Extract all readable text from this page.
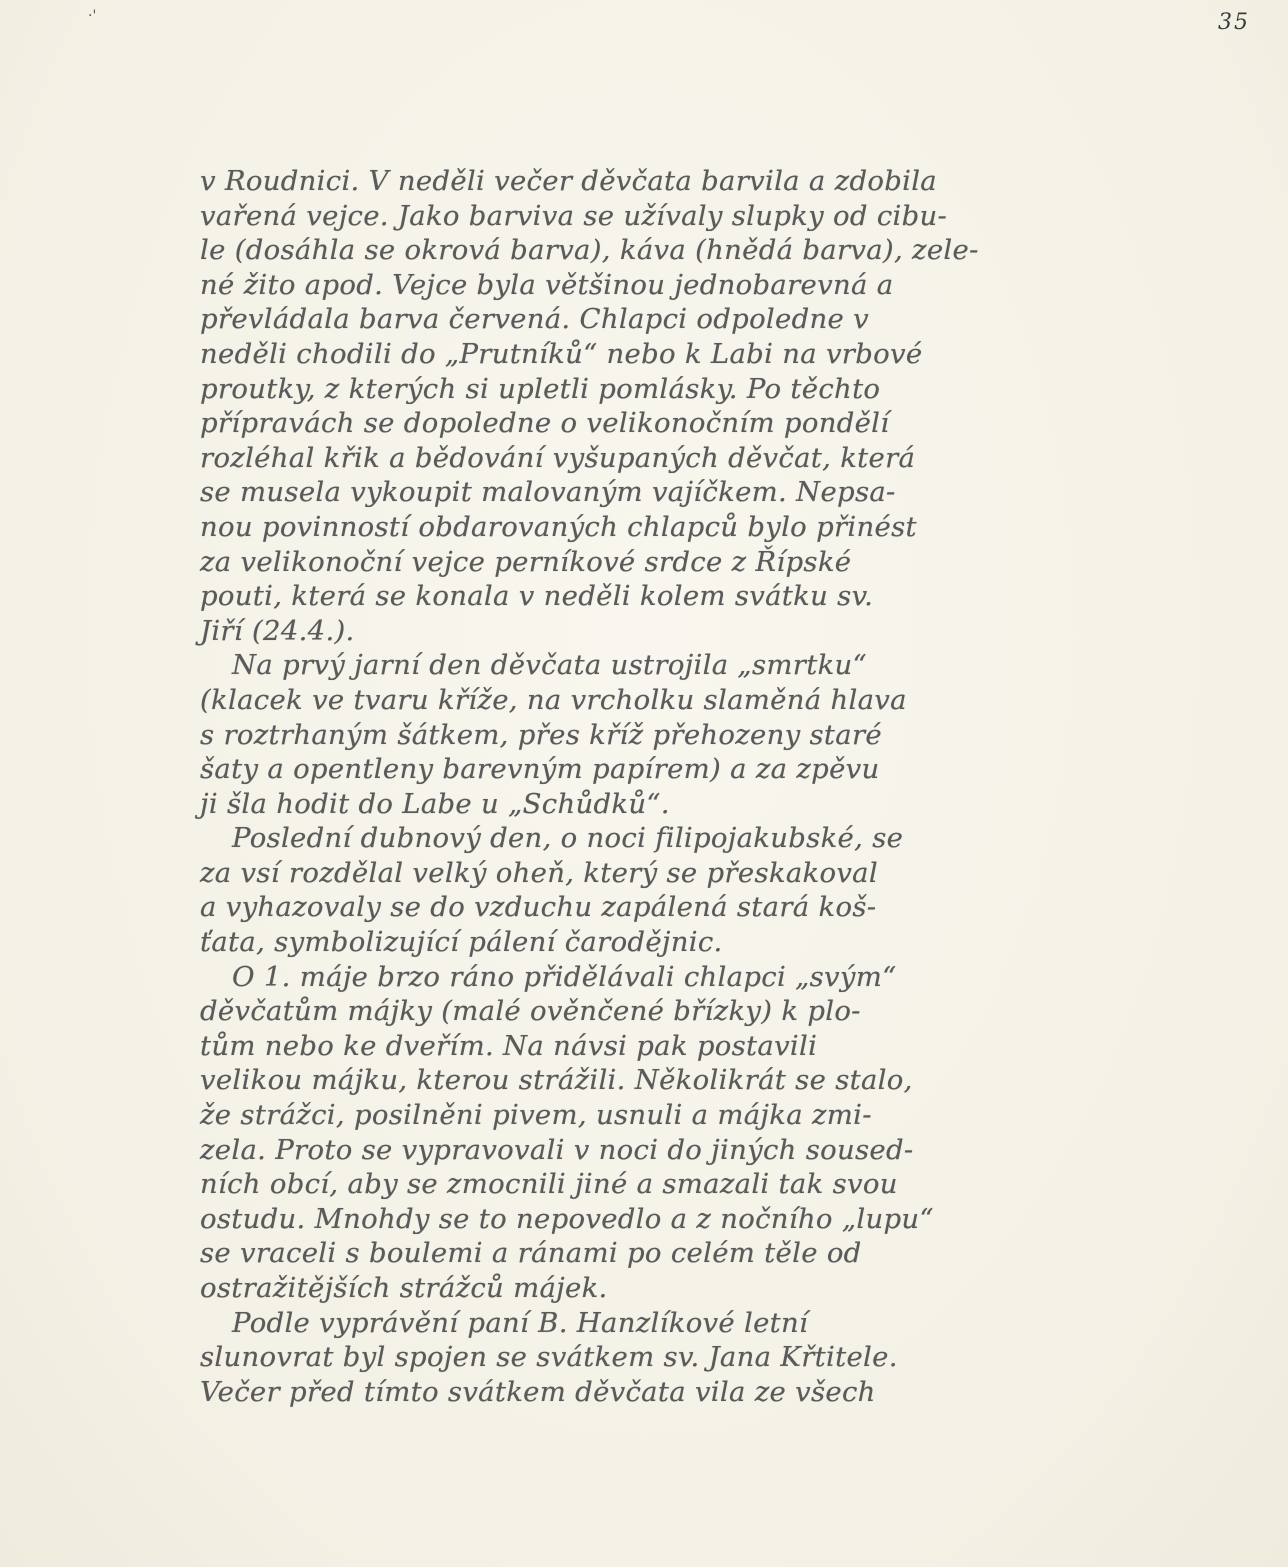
·'	35
v Roudnici. V neděli večer děvčata barvila a zdobila
vařená vejce. Jako barviva se užívaly slupky od cibu-
le (dosáhla se okrová barva), káva (hnědá barva), zele-
né žito apod. Vejce byla většinou jednobarevná a
převládala barva červená. Chlapci odpoledne v
neděli chodili do „Prutníků“ nebo k Labi na vrbové
proutky, z kterých si upletli pomlásky. Po těchto
přípravách se dopoledne o velikonočním pondělí
rozléhal křik a bědování vyšupaných děvčat, která
se musela vykoupit malovaným vajíčkem. Nepsa-
nou povinností obdarovaných chlapců bylo přinést
za velikonoční vejce perníkové srdce z Řípské
pouti, která se konala v neděli kolem svátku sv.
Jiří (24.4.).
Na prvý jarní den děvčata ustrojila „smrtku“
(klacek ve tvaru kříže, na vrcholku slaměná hlava
s roztrhaným šátkem, přes kříž přehozeny staré
šaty a opentleny barevným papírem) a za zpěvu
ji šla hodit do Labe u „Schůdků“.
Poslední dubnový den, o noci filipojakubské, se
za vsí rozdělal velký oheň, který se přeskakoval
a vyhazovaly se do vzduchu zapálená stará koš-
ťata, symbolizující pálení čarodějnic.
O 1. máje brzo ráno přidělávali chlapci „svým“
děvčatům májky (malé ověnčené břízky) k plo-
tům nebo ke dveřím. Na návsi pak postavili
velikou májku, kterou strážili. Několikrát se stalo,
že strážci, posilněni pivem, usnuli a májka zmi-
zela. Proto se vypravovali v noci do jiných soused-
ních obcí, aby se zmocnili jiné a smazali tak svou
ostudu. Mnohdy se to nepovedlo a z nočního „lupu“
se vraceli s boulemi a ránami po celém těle od
ostražitějších strážců májek.
Podle vyprávění paní B. Hanzlíkové letní
slunovrat byl spojen se svátkem sv. Jana Křtitele.
Večer před tímto svátkem děvčata vila ze všech
